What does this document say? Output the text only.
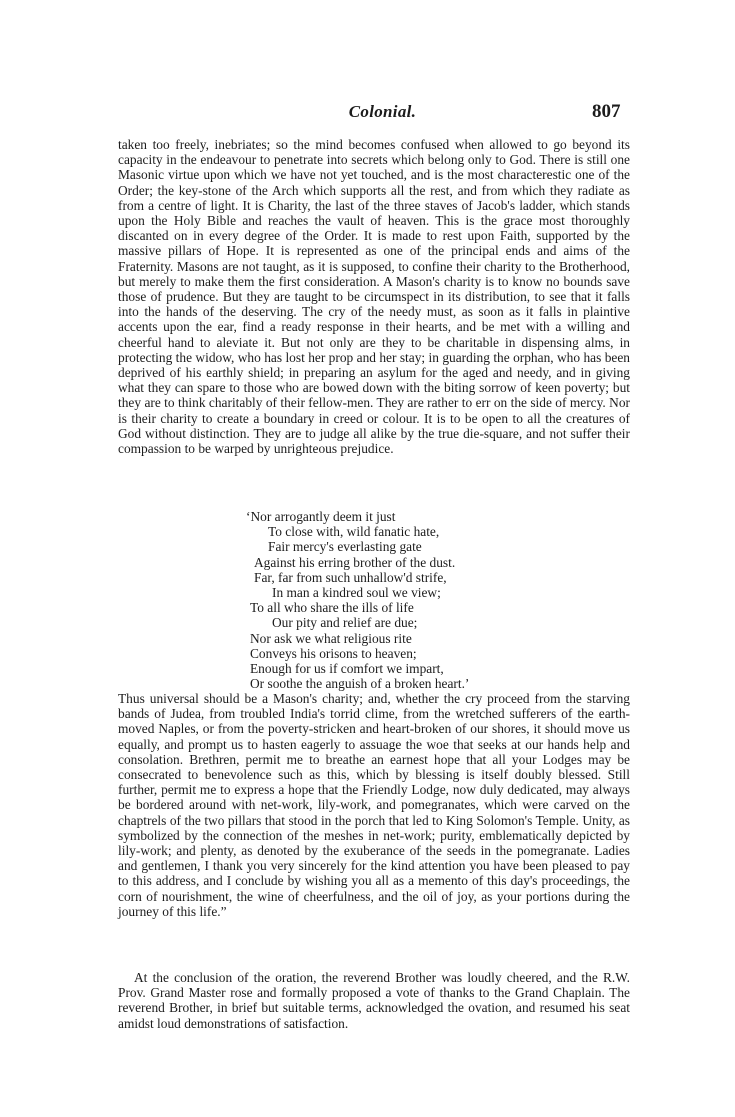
Colonial.	807

taken too freely, inebriates; so the mind becomes confused when allowed to go beyond its capacity in the endeavour to penetrate into secrets which belong only to God. There is still one Masonic virtue upon which we have not yet touched, and is the most characterestic one of the Order; the key-stone of the Arch which supports all the rest, and from which they radiate as from a centre of light. It is Charity, the last of the three staves of Jacob's ladder, which stands upon the Holy Bible and reaches the vault of heaven. This is the grace most thoroughly discanted on in every degree of the Order. It is made to rest upon Faith, supported by the massive pillars of Hope. It is represented as one of the principal ends and aims of the Fraternity. Masons are not taught, as it is supposed, to confine their charity to the Brotherhood, but merely to make them the first consideration. A Mason's charity is to know no bounds save those of prudence. But they are taught to be circumspect in its distribution, to see that it falls into the hands of the deserving. The cry of the needy must, as soon as it falls in plaintive accents upon the ear, find a ready response in their hearts, and be met with a willing and cheerful hand to aleviate it. But not only are they to be charitable in dispensing alms, in protecting the widow, who has lost her prop and her stay; in guarding the orphan, who has been deprived of his earthly shield; in preparing an asylum for the aged and needy, and in giving what they can spare to those who are bowed down with the biting sorrow of keen poverty; but they are to think charitably of their fellow-men. They are rather to err on the side of mercy. Nor is their charity to create a boundary in creed or colour. It is to be open to all the creatures of God without distinction. They are to judge all alike by the true die-square, and not suffer their compassion to be warped by unrighteous prejudice.

‘Nor arrogantly deem it just
To close with, wild fanatic hate,
Fair mercy's everlasting gate
Against his erring brother of the dust.
Far, far from such unhallow'd strife,
In man a kindred soul we view;
To all who share the ills of life
Our pity and relief are due;
Nor ask we what religious rite
Conveys his orisons to heaven;
Enough for us if comfort we impart,
Or soothe the anguish of a broken heart.’

Thus universal should be a Mason's charity; and, whether the cry proceed from the starving bands of Judea, from troubled India's torrid clime, from the wretched sufferers of the earth-moved Naples, or from the poverty-stricken and heart-broken of our shores, it should move us equally, and prompt us to hasten eagerly to assuage the woe that seeks at our hands help and consolation. Brethren, permit me to breathe an earnest hope that all your Lodges may be consecrated to benevolence such as this, which by blessing is itself doubly blessed. Still further, permit me to express a hope that the Friendly Lodge, now duly dedicated, may always be bordered around with net-work, lily-work, and pomegranates, which were carved on the chaptrels of the two pillars that stood in the porch that led to King Solomon's Temple. Unity, as symbolized by the connection of the meshes in net-work; purity, emblematically depicted by lily-work; and plenty, as denoted by the exuberance of the seeds in the pomegranate. Ladies and gentlemen, I thank you very sincerely for the kind attention you have been pleased to pay to this address, and I conclude by wishing you all as a memento of this day's proceedings, the corn of nourishment, the wine of cheerfulness, and the oil of joy, as your portions during the journey of this life.”

At the conclusion of the oration, the reverend Brother was loudly cheered, and the R.W. Prov. Grand Master rose and formally proposed a vote of thanks to the Grand Chaplain. The reverend Brother, in brief but suitable terms, acknowledged the ovation, and resumed his seat amidst loud demonstrations of satisfaction.
